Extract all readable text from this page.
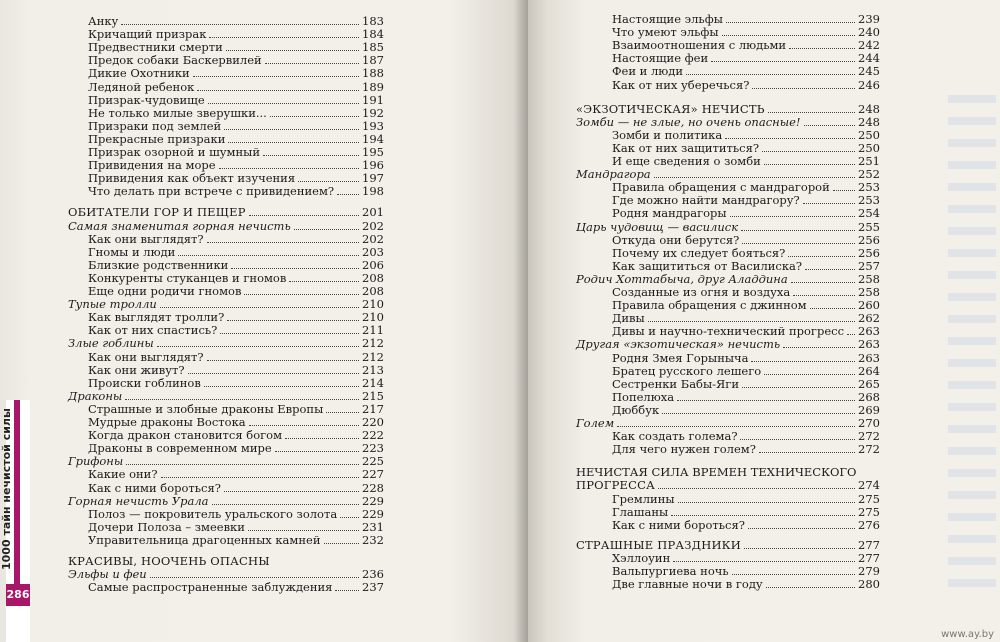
1000 тайн нечистой силы
286
Анку	183
Кричащий призрак	184
Предвестники смерти	185
Предок собаки Баскервилей	187
Дикие Охотники	188
Ледяной ребенок	189
Призрак-чудовище	191
Не только милые зверушки...	192
Призраки под землей	193
Прекрасные призраки	194
Призрак озорной и шумный	195
Привидения на море	196
Привидения как объект изучения	197
Что делать при встрече с привидением? 198
ОБИТАТЕЛИ ГОР И ПЕЩЕР	201
Самая знаменитая горная нечисть	202
Как они выглядят?	202
Гномы и люди	203
Близкие родственники	206
Конкуренты стуканцев и гномов	208
Еще одни родичи гномов	208
Тупые тролли	210
Как выглядят тролли?	210
Как от них спастись?	211
Злые гоблины	212
Как они выглядят?	212
Как они живут?	213
Происки гоблинов	214
Драконы	215
Страшные и злобные драконы Европы	217
Мудрые драконы Востока	220
Когда дракон становится богом	222
Драконы в современном мире	223
Грифоны	225
Какие они?	227
Как с ними бороться?	228
Горная нечисть Урала	229
Полоз — покровитель уральского золота 229
Дочери Полоза – змеевки	231
Управительница драгоценных камней	232
КРАСИВЫ, НООЧЕНЬ ОПАСНЫ
Эльфы и феи	236
Самые распространенные заблуждения	237
Настоящие эльфы	239
Что умеют эльфы	240
Взаимоотношения с людьми	242
Настоящие феи	244
Феи и люди	245
Как от них уберечься?	246
«ЭКЗОТИЧЕСКАЯ» НЕЧИСТЬ	248
Зомби — не злые, но очень опасные!	248
Зомби и политика	250
Как от них защититься?	250
И еще сведения о зомби	251
Мандрагора	252
Правила обращения с мандрагорой 253
Где можно найти мандрагору?	253
Родня мандрагоры	254
Царь чудовищ — василиск	255
Откуда они берутся?	256
Почему их следует бояться?	256
Как защититься от Василиска?	257
Родич Хоттабыча, друг Аладдина	258
Созданные из огня и воздуха	258
Правила обращения с джинном	260
Дивы	262
Дивы и научно-технический прогресс 263
Другая «экзотическая» нечисть	263
Родня Змея Горыныча	263
Братец русского лешего	264
Сестренки Бабы-Яги	265
Попелюха	268
Дюббук	269
Голем	270
Как создать голема?	272
Для чего нужен голем?	272
НЕЧИСТАЯ СИЛА ВРЕМЕН ТЕХНИЧЕСКОГО
ПРОГРЕССА	274
Гремлины	275
Глашаны	275
Как с ними бороться?	276
СТРАШНЫЕ ПРАЗДНИКИ	277
Хэллоуин	277
Вальпургиева ночь	279
Две главные ночи в году	280
www.ay.by
